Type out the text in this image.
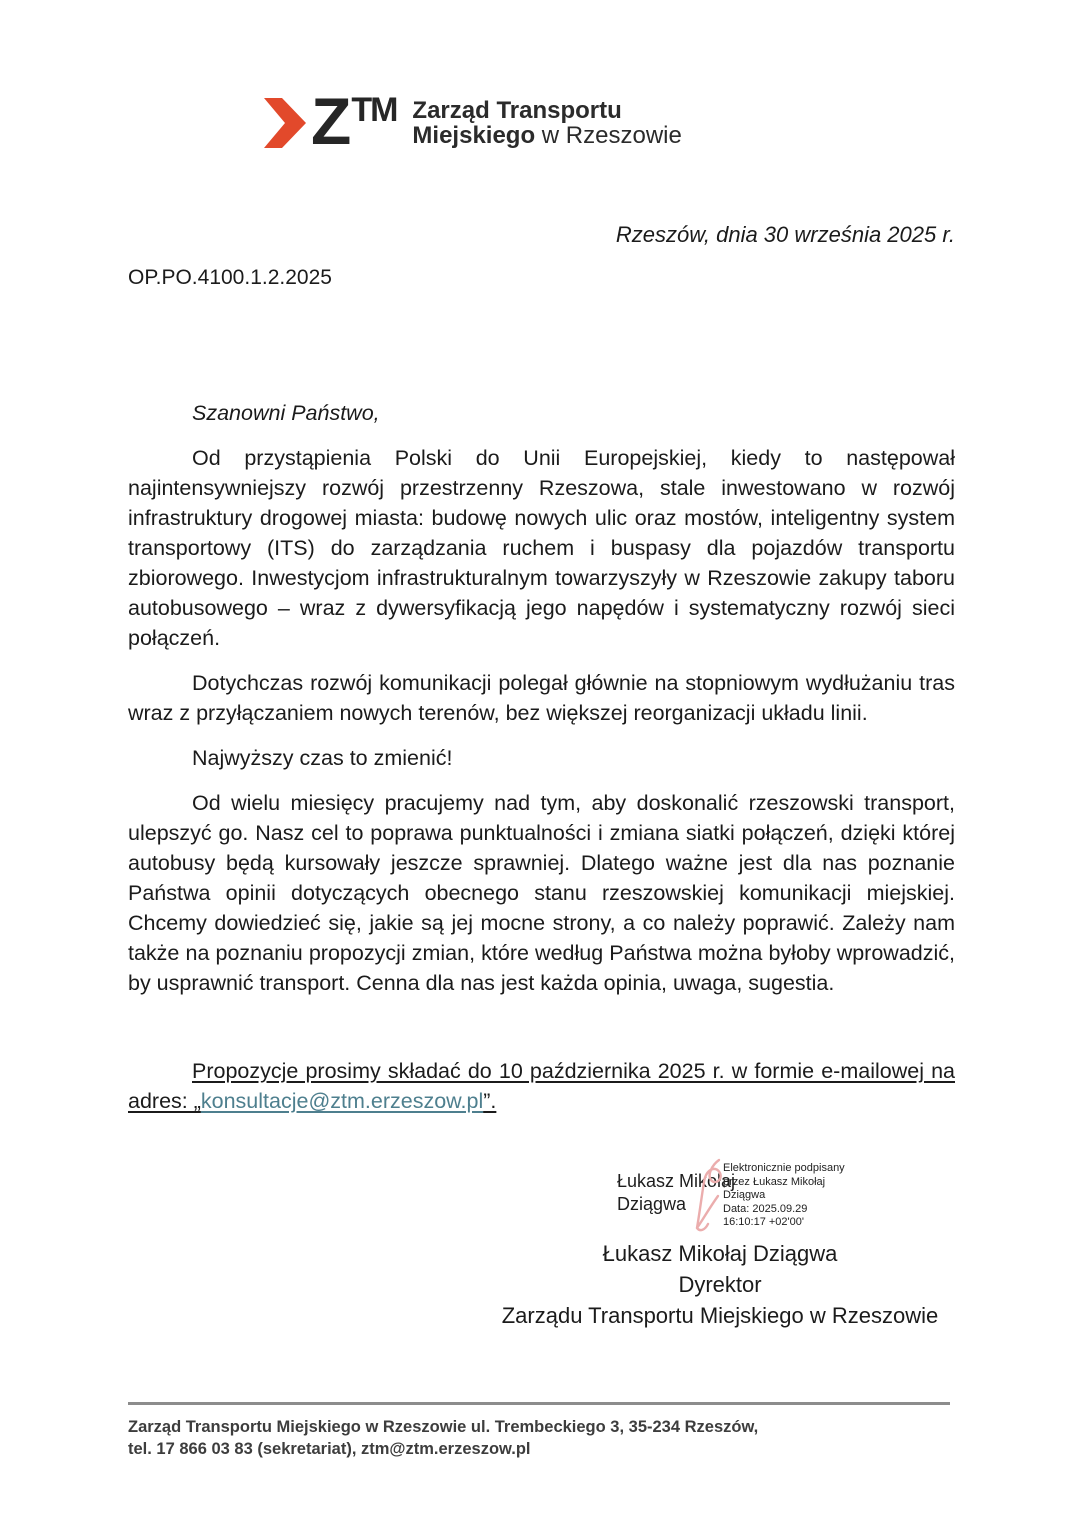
Z TM Zarząd Transportu
Miejskiego w Rzeszowie
Rzeszów, dnia 30 września 2025 r.
OP.PO.4100.1.2.2025

Szanowni Państwo,

Od przystąpienia Polski do Unii Europejskiej, kiedy to następował najintensywniejszy rozwój przestrzenny Rzeszowa, stale inwestowano w rozwój infrastruktury drogowej miasta: budowę nowych ulic oraz mostów, inteligentny system transportowy (ITS) do zarządzania ruchem i buspasy dla pojazdów transportu zbiorowego. Inwestycjom infrastrukturalnym towarzyszyły w Rzeszowie zakupy taboru autobusowego – wraz z dywersyfikacją jego napędów i systematyczny rozwój sieci połączeń.

Dotychczas rozwój komunikacji polegał głównie na stopniowym wydłużaniu tras wraz z przyłączaniem nowych terenów, bez większej reorganizacji układu linii.

Najwyższy czas to zmienić!

Od wielu miesięcy pracujemy nad tym, aby doskonalić rzeszowski transport, ulepszyć go. Nasz cel to poprawa punktualności i zmiana siatki połączeń, dzięki której autobusy będą kursowały jeszcze sprawniej. Dlatego ważne jest dla nas poznanie Państwa opinii dotyczących obecnego stanu rzeszowskiej komunikacji miejskiej. Chcemy dowiedzieć się, jakie są jej mocne strony, a co należy poprawić. Zależy nam także na poznaniu propozycji zmian, które według Państwa można byłoby wprowadzić, by usprawnić transport. Cenna dla nas jest każda opinia, uwaga, sugestia.

Propozycje prosimy składać do 10 października 2025 r. w formie e-mailowej na adres: „konsultacje@ztm.erzeszow.pl”.

Łukasz Mikołaj Dziągwa
Elektronicznie podpisany
przez Łukasz Mikołaj
Dziągwa
Data: 2025.09.29
16:10:17 +02'00'
Łukasz Mikołaj Dziągwa
Dyrektor
Zarządu Transportu Miejskiego w Rzeszowie
Zarząd Transportu Miejskiego w Rzeszowie ul. Trembeckiego 3, 35-234 Rzeszów,
tel. 17 866 03 83 (sekretariat), ztm@ztm.erzeszow.pl
